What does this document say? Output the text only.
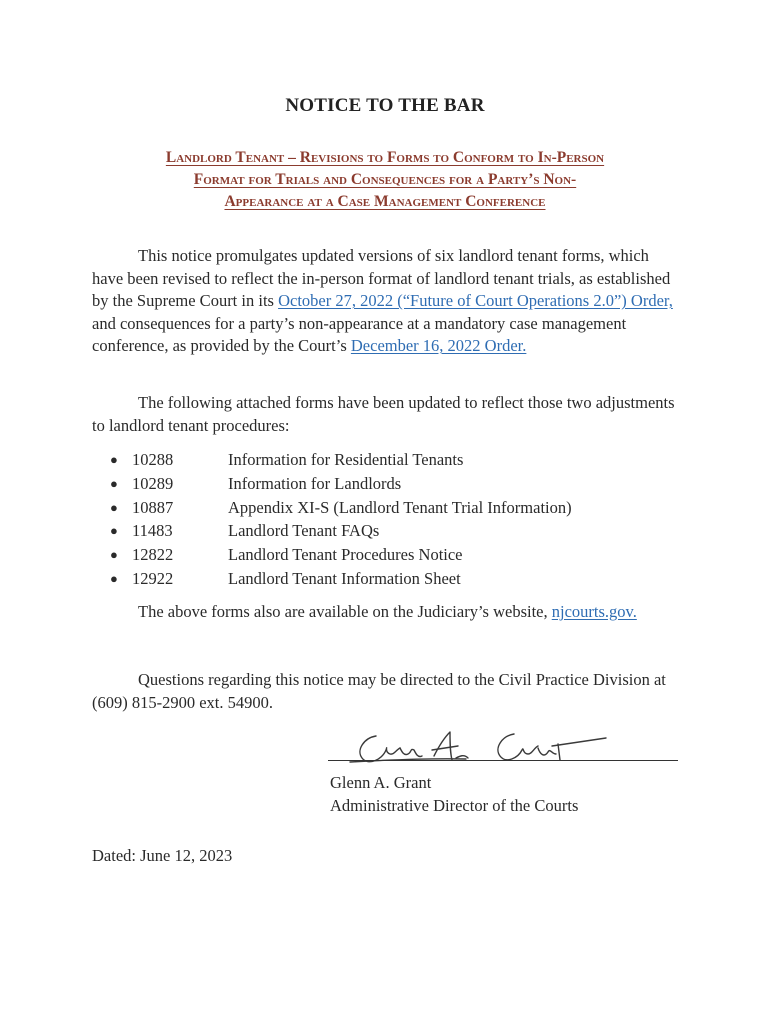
NOTICE TO THE BAR
Landlord Tenant – Revisions to Forms to Conform to In-Person
Format for Trials and Consequences for a Party’s Non-
Appearance at a Case Management Conference
This notice promulgates updated versions of six landlord tenant forms, which have been revised to reflect the in-person format of landlord tenant trials, as established by the Supreme Court in its October 27, 2022 (“Future of Court Operations 2.0”) Order, and consequences for a party’s non-appearance at a mandatory case management conference, as provided by the Court’s December 16, 2022 Order.
The following attached forms have been updated to reflect those two adjustments to landlord tenant procedures:
● 10288	Information for Residential Tenants
● 10289	Information for Landlords
● 10887	Appendix XI-S (Landlord Tenant Trial Information)
● 11483	Landlord Tenant FAQs
● 12822	Landlord Tenant Procedures Notice
● 12922	Landlord Tenant Information Sheet
The above forms also are available on the Judiciary’s website, njcourts.gov.
Questions regarding this notice may be directed to the Civil Practice Division at (609) 815-2900 ext. 54900.
Glenn A. Grant
Administrative Director of the Courts
Dated: June 12, 2023
